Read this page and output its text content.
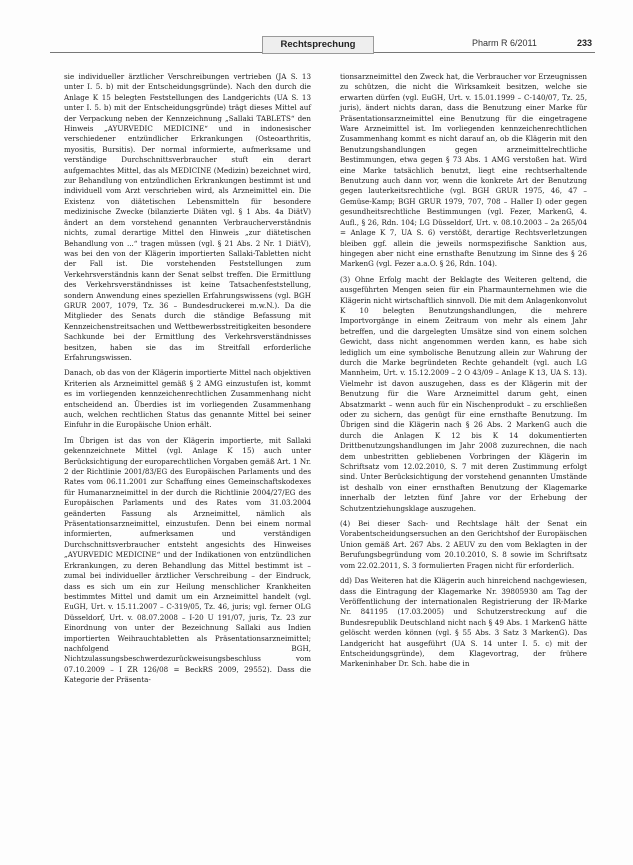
Rechtsprechung	Pharm R 6/2011	233

sie individueller ärztlicher Verschreibungen vertrieben (JA S. 13 unter I. 5. b) mit der Entscheidungsgründe). Nach den durch die Anlage K 15 belegten Feststellungen des Landgerichts (UA S. 13 unter I. 5. b) mit der Entscheidungsgründe) trägt dieses Mittel auf der Verpackung neben der Kennzeichnung „Sallaki TABLETS“ den Hinweis „AYURVEDIC MEDICINE“ und in indonesischer verschiedener entzündlicher Erkrankungen (Osteoarthritis, myositis, Bursitis). Der normal informierte, aufmerksame und verständige Durchschnittsverbraucher stuft ein derart aufgemachtes Mittel, das als MEDICINE (Medizin) bezeichnet wird, zur Behandlung von entzündlichen Erkrankungen bestimmt ist und individuell vom Arzt verschrieben wird, als Arzneimittel ein. Die Existenz von diätetischen Lebensmitteln für besondere medizinische Zwecke (bilanzierte Diäten vgl. § 1 Abs. 4a DiätV) ändert an dem vorstehend genannten Verbraucherverständnis nichts, zumal derartige Mittel den Hinweis „zur diätetischen Behandlung von ...“ tragen müssen (vgl. § 21 Abs. 2 Nr. 1 DiätV), was bei den von der Klägerin importierten Sallaki-Tabletten nicht der Fall ist. Die vorstehenden Feststellungen zum Verkehrsverständnis kann der Senat selbst treffen. Die Ermittlung des Verkehrsverständnisses ist keine Tatsachenfeststellung, sondern Anwendung eines speziellen Erfahrungswissens (vgl. BGH GRUR 2007, 1079, Tz. 36 – Bundesdruckerei m.w.N.). Da die Mitglieder des Senats durch die ständige Befassung mit Kennzeichenstreitsachen und Wettbewerbsstreitigkeiten besondere Sachkunde bei der Ermittlung des Verkehrsverständnisses besitzen, haben sie das im Streitfall erforderliche Erfahrungswissen.

Danach, ob das von der Klägerin importierte Mittel nach objektiven Kriterien als Arzneimittel gemäß § 2 AMG einzustufen ist, kommt es im vorliegenden kennzeichenrechtlichen Zusammenhang nicht entscheidend an. Überdies ist im vorliegenden Zusammenhang auch, welchen rechtlichen Status das genannte Mittel bei seiner Einfuhr in die Europäische Union erhält.

Im Übrigen ist das von der Klägerin importierte, mit Sallaki gekennzeichnete Mittel (vgl. Anlage K 15) auch unter Berücksichtigung der europarechtlichen Vorgaben gemäß Art. 1 Nr. 2 der Richtlinie 2001/83/EG des Europäischen Parlaments und des Rates vom 06.11.2001 zur Schaffung eines Gemeinschaftskodexes für Humanarzneimittel in der durch die Richtlinie 2004/27/EG des Europäischen Parlaments und des Rates vom 31.03.2004 geänderten Fassung als Arzneimittel, nämlich als Präsentationsarzneimittel, einzustufen. Denn bei einem normal informierten, aufmerksamen und verständigen Durchschnittsverbraucher entsteht angesichts des Hinweises „AYURVEDIC MEDICINE“ und der Indikationen von entzündlichen Erkrankungen, zu deren Behandlung das Mittel bestimmt ist – zumal bei individueller ärztlicher Verschreibung – der Eindruck, dass es sich um ein zur Heilung menschlicher Krankheiten bestimmtes Mittel und damit um ein Arzneimittel handelt (vgl. EuGH, Urt. v. 15.11.2007 – C-319/05, Tz. 46, juris; vgl. ferner OLG Düsseldorf, Urt. v. 08.07.2008 – I-20 U 191/07, juris, Tz. 23 zur Einordnung von unter der Bezeichnung Sallaki aus Indien importierten Weihrauchtabletten als Präsentationsarzneimittel; nachfolgend BGH, Nichtzulassungsbeschwerdezurückweisungsbeschluss vom 07.10.2009 – I ZR 126/08 = BeckRS 2009, 29552). Dass die Kategorie der Präsenta-

tionsarzneimittel den Zweck hat, die Verbraucher vor Erzeugnissen zu schützen, die nicht die Wirksamkeit besitzen, welche sie erwarten dürfen (vgl. EuGH, Urt. v. 15.01.1999 – C-140/07, Tz. 25, juris), ändert nichts daran, dass die Benutzung einer Marke für Präsentationsarzneimittel eine Benutzung für die eingetragene Ware Arzneimittel ist. Im vorliegenden kennzeichenrechtlichen Zusammenhang kommt es nicht darauf an, ob die Klägerin mit den Benutzungshandlungen gegen arzneimittelrechtliche Bestimmungen, etwa gegen § 73 Abs. 1 AMG verstoßen hat. Wird eine Marke tatsächlich benutzt, liegt eine rechtserhaltende Benutzung auch dann vor, wenn die konkrete Art der Benutzung gegen lauterkeitsrechtliche (vgl. BGH GRUR 1975, 46, 47 – Gemüse-Kamp; BGH GRUR 1979, 707, 708 – Haller I) oder gegen gesundheitsrechtliche Bestimmungen (vgl. Fezer, MarkenG, 4. Aufl., § 26, Rdn. 104; LG Düsseldorf, Urt. v. 08.10.2003 – 2a 265/04 = Anlage K 7, UA S. 6) verstößt, derartige Rechtsverletzungen bleiben ggf. allein die jeweils normspezifische Sanktion aus, hingegen aber nicht eine ernsthafte Benutzung im Sinne des § 26 MarkenG (vgl. Fezer a.a.O. § 26, Rdn. 104).

(3) Ohne Erfolg macht der Beklagte des Weiteren geltend, die ausgeführten Mengen seien für ein Pharmaunternehmen wie die Klägerin nicht wirtschaftlich sinnvoll. Die mit dem Anlagenkonvolut K 10 belegten Benutzungshandlungen, die mehrere Importvorgänge in einem Zeitraum von mehr als einem Jahr betreffen, und die dargelegten Umsätze sind von einem solchen Gewicht, dass nicht angenommen werden kann, es habe sich lediglich um eine symbolische Benutzung allein zur Wahrung der durch die Marke begründeten Rechte gehandelt (vgl. auch LG Mannheim, Urt. v. 15.12.2009 – 2 O 43/09 – Anlage K 13, UA S. 13). Vielmehr ist davon auszugehen, dass es der Klägerin mit der Benutzung für die Ware Arzneimittel darum geht, einen Absatzmarkt – wenn auch für ein Nischenprodukt – zu erschließen oder zu sichern, das genügt für eine ernsthafte Benutzung. Im Übrigen sind die Klägerin nach § 26 Abs. 2 MarkenG auch die durch die Anlagen K 12 bis K 14 dokumentierten Drittbenutzungshandlungen im Jahr 2008 zuzurechnen, die nach dem unbestritten gebliebenen Vorbringen der Klägerin im Schriftsatz vom 12.02.2010, S. 7 mit deren Zustimmung erfolgt sind. Unter Berücksichtigung der vorstehend genannten Umstände ist deshalb von einer ernsthaften Benutzung der Klagemarke innerhalb der letzten fünf Jahre vor der Erhebung der Schutzentziehungsklage auszugehen.

(4) Bei dieser Sach- und Rechtslage hält der Senat ein Vorabentscheidungsersuchen an den Gerichtshof der Europäischen Union gemäß Art. 267 Abs. 2 AEUV zu den vom Beklagten in der Berufungsbegründung vom 20.10.2010, S. 8 sowie im Schriftsatz vom 22.02.2011, S. 3 formulierten Fragen nicht für erforderlich.

dd) Das Weiteren hat die Klägerin auch hinreichend nachgewiesen, dass die Eintragung der Klagemarke Nr. 39805930 am Tag der Veröffentlichung der internationalen Registrierung der IR-Marke Nr. 841195 (17.03.2005) und Schutzerstreckung auf die Bundesrepublik Deutschland nicht nach § 49 Abs. 1 MarkenG hätte gelöscht werden können (vgl. § 55 Abs. 3 Satz 3 MarkenG). Das Landgericht hat ausgeführt (UA S. 14 unter I. 5. c) mit der Entscheidungsgründe), dem Klagevortrag, der frühere Markeninhaber Dr. Sch. habe die in
